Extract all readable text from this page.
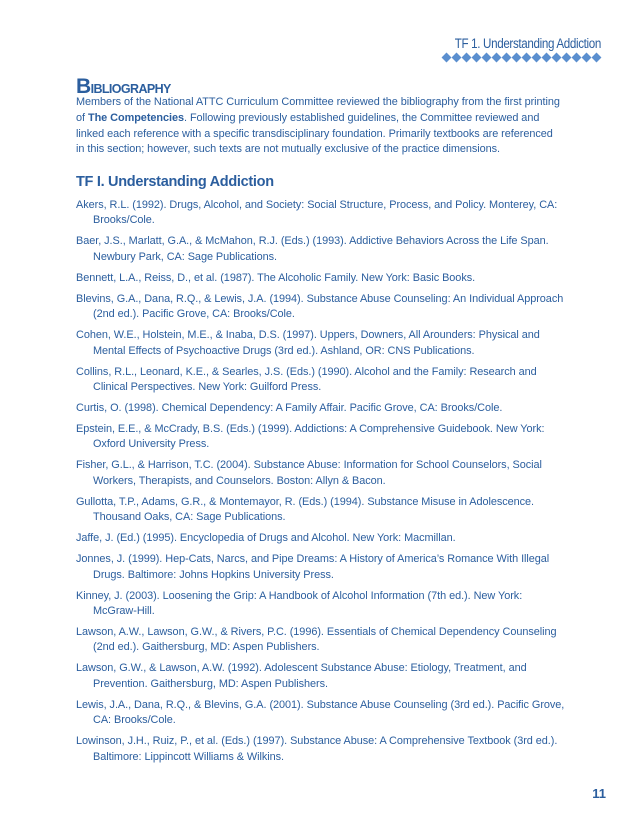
TF 1. Understanding Addiction
BIBLIOGRAPHY
Members of the National ATTC Curriculum Committee reviewed the bibliography from the first printing of The Competencies. Following previously established guidelines, the Committee reviewed and linked each reference with a specific transdisciplinary foundation. Primarily textbooks are referenced in this section; however, such texts are not mutually exclusive of the practice dimensions.
TF I. Understanding Addiction
Akers, R.L. (1992). Drugs, Alcohol, and Society: Social Structure, Process, and Policy. Monterey, CA: Brooks/Cole.
Baer, J.S., Marlatt, G.A., & McMahon, R.J. (Eds.) (1993). Addictive Behaviors Across the Life Span. Newbury Park, CA: Sage Publications.
Bennett, L.A., Reiss, D., et al. (1987). The Alcoholic Family. New York: Basic Books.
Blevins, G.A., Dana, R.Q., & Lewis, J.A. (1994). Substance Abuse Counseling: An Individual Approach (2nd ed.). Pacific Grove, CA: Brooks/Cole.
Cohen, W.E., Holstein, M.E., & Inaba, D.S. (1997). Uppers, Downers, All Arounders: Physical and Mental Effects of Psychoactive Drugs (3rd ed.). Ashland, OR: CNS Publications.
Collins, R.L., Leonard, K.E., & Searles, J.S. (Eds.) (1990). Alcohol and the Family: Research and Clinical Perspectives. New York: Guilford Press.
Curtis, O. (1998). Chemical Dependency: A Family Affair. Pacific Grove, CA: Brooks/Cole.
Epstein, E.E., & McCrady, B.S. (Eds.) (1999). Addictions: A Comprehensive Guidebook. New York: Oxford University Press.
Fisher, G.L., & Harrison, T.C. (2004). Substance Abuse: Information for School Counselors, Social Workers, Therapists, and Counselors. Boston: Allyn & Bacon.
Gullotta, T.P., Adams, G.R., & Montemayor, R. (Eds.) (1994). Substance Misuse in Adolescence. Thousand Oaks, CA: Sage Publications.
Jaffe, J. (Ed.) (1995). Encyclopedia of Drugs and Alcohol. New York: Macmillan.
Jonnes, J. (1999). Hep-Cats, Narcs, and Pipe Dreams: A History of America’s Romance With Illegal Drugs. Baltimore: Johns Hopkins University Press.
Kinney, J. (2003). Loosening the Grip: A Handbook of Alcohol Information (7th ed.). New York: McGraw-Hill.
Lawson, A.W., Lawson, G.W., & Rivers, P.C. (1996). Essentials of Chemical Dependency Counseling (2nd ed.). Gaithersburg, MD: Aspen Publishers.
Lawson, G.W., & Lawson, A.W. (1992). Adolescent Substance Abuse: Etiology, Treatment, and Prevention. Gaithersburg, MD: Aspen Publishers.
Lewis, J.A., Dana, R.Q., & Blevins, G.A. (2001). Substance Abuse Counseling (3rd ed.). Pacific Grove, CA: Brooks/Cole.
Lowinson, J.H., Ruiz, P., et al. (Eds.) (1997). Substance Abuse: A Comprehensive Textbook (3rd ed.). Baltimore: Lippincott Williams & Wilkins.
11
